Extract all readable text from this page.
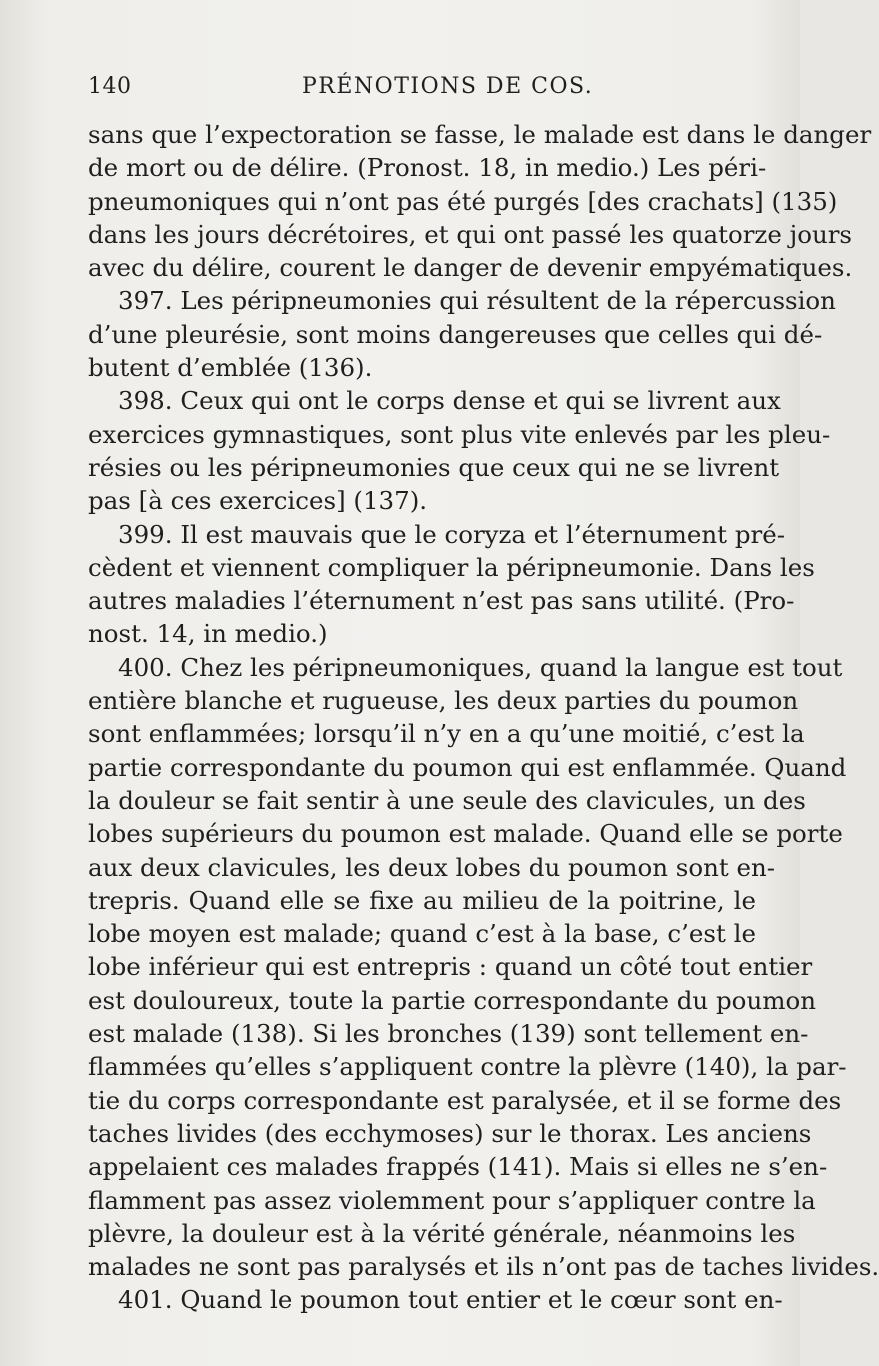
140	PRÉNOTIONS DE COS.
sans que l’expectoration se fasse, le malade est dans le danger
de mort ou de délire. (Pronost. 18, in medio.) Les péri-
pneumoniques qui n’ont pas été purgés [des crachats] (135)
dans les jours décrétoires, et qui ont passé les quatorze jours
avec du délire, courent le danger de devenir empyématiques.
397. Les péripneumonies qui résultent de la répercussion
d’une pleurésie, sont moins dangereuses que celles qui dé-
butent d’emblée (136).
398. Ceux qui ont le corps dense et qui se livrent aux
exercices gymnastiques, sont plus vite enlevés par les pleu-
résies ou les péripneumonies que ceux qui ne se livrent
pas [à ces exercices] (137).
399. Il est mauvais que le coryza et l’éternument pré-
cèdent et viennent compliquer la péripneumonie. Dans les
autres maladies l’éternument n’est pas sans utilité. (Pro-
nost. 14, in medio.)
400. Chez les péripneumoniques, quand la langue est tout
entière blanche et rugueuse, les deux parties du poumon
sont enflammées; lorsqu’il n’y en a qu’une moitié, c’est la
partie correspondante du poumon qui est enflammée. Quand
la douleur se fait sentir à une seule des clavicules, un des
lobes supérieurs du poumon est malade. Quand elle se porte
aux deux clavicules, les deux lobes du poumon sont en-
trepris. Quand elle se fixe au milieu de la poitrine, le
lobe moyen est malade; quand c’est à la base, c’est le
lobe inférieur qui est entrepris : quand un côté tout entier
est douloureux, toute la partie correspondante du poumon
est malade (138). Si les bronches (139) sont tellement en-
flammées qu’elles s’appliquent contre la plèvre (140), la par-
tie du corps correspondante est paralysée, et il se forme des
taches livides (des ecchymoses) sur le thorax. Les anciens
appelaient ces malades frappés (141). Mais si elles ne s’en-
flamment pas assez violemment pour s’appliquer contre la
plèvre, la douleur est à la vérité générale, néanmoins les
malades ne sont pas paralysés et ils n’ont pas de taches livides.
401. Quand le poumon tout entier et le cœur sont en-
